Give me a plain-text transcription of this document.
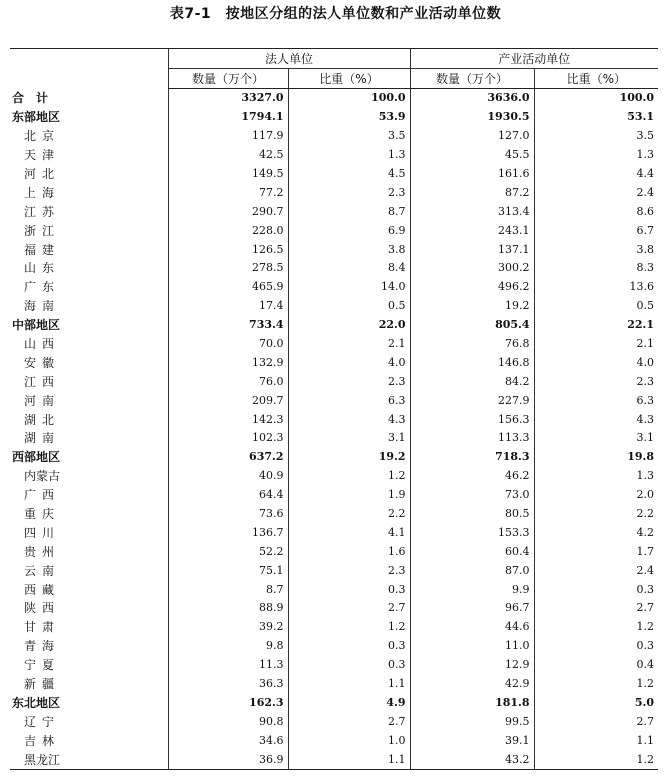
表7-1　按地区分组的法人单位数和产业活动单位数
	法人单位		产业活动单位	
	数量（万个）	比重（%）	数量（万个）	比重（%）
合　计	3327.0	100.0	3636.0	100.0
东部地区	1794.1	53.9	1930.5	53.1
北京	117.9	3.5	127.0	3.5
天津	42.5	1.3	45.5	1.3
河北	149.5	4.5	161.6	4.4
上海	77.2	2.3	87.2	2.4
江苏	290.7	8.7	313.4	8.6
浙江	228.0	6.9	243.1	6.7
福建	126.5	3.8	137.1	3.8
山东	278.5	8.4	300.2	8.3
广东	465.9	14.0	496.2	13.6
海南	17.4	0.5	19.2	0.5
中部地区	733.4	22.0	805.4	22.1
山西	70.0	2.1	76.8	2.1
安徽	132.9	4.0	146.8	4.0
江西	76.0	2.3	84.2	2.3
河南	209.7	6.3	227.9	6.3
湖北	142.3	4.3	156.3	4.3
湖南	102.3	3.1	113.3	3.1
西部地区	637.2	19.2	718.3	19.8
内蒙古	40.9	1.2	46.2	1.3
广西	64.4	1.9	73.0	2.0
重庆	73.6	2.2	80.5	2.2
四川	136.7	4.1	153.3	4.2
贵州	52.2	1.6	60.4	1.7
云南	75.1	2.3	87.0	2.4
西藏	8.7	0.3	9.9	0.3
陕西	88.9	2.7	96.7	2.7
甘肃	39.2	1.2	44.6	1.2
青海	9.8	0.3	11.0	0.3
宁夏	11.3	0.3	12.9	0.4
新疆	36.3	1.1	42.9	1.2
东北地区	162.3	4.9	181.8	5.0
辽宁	90.8	2.7	99.5	2.7
吉林	34.6	1.0	39.1	1.1
黑龙江	36.9	1.1	43.2	1.2
